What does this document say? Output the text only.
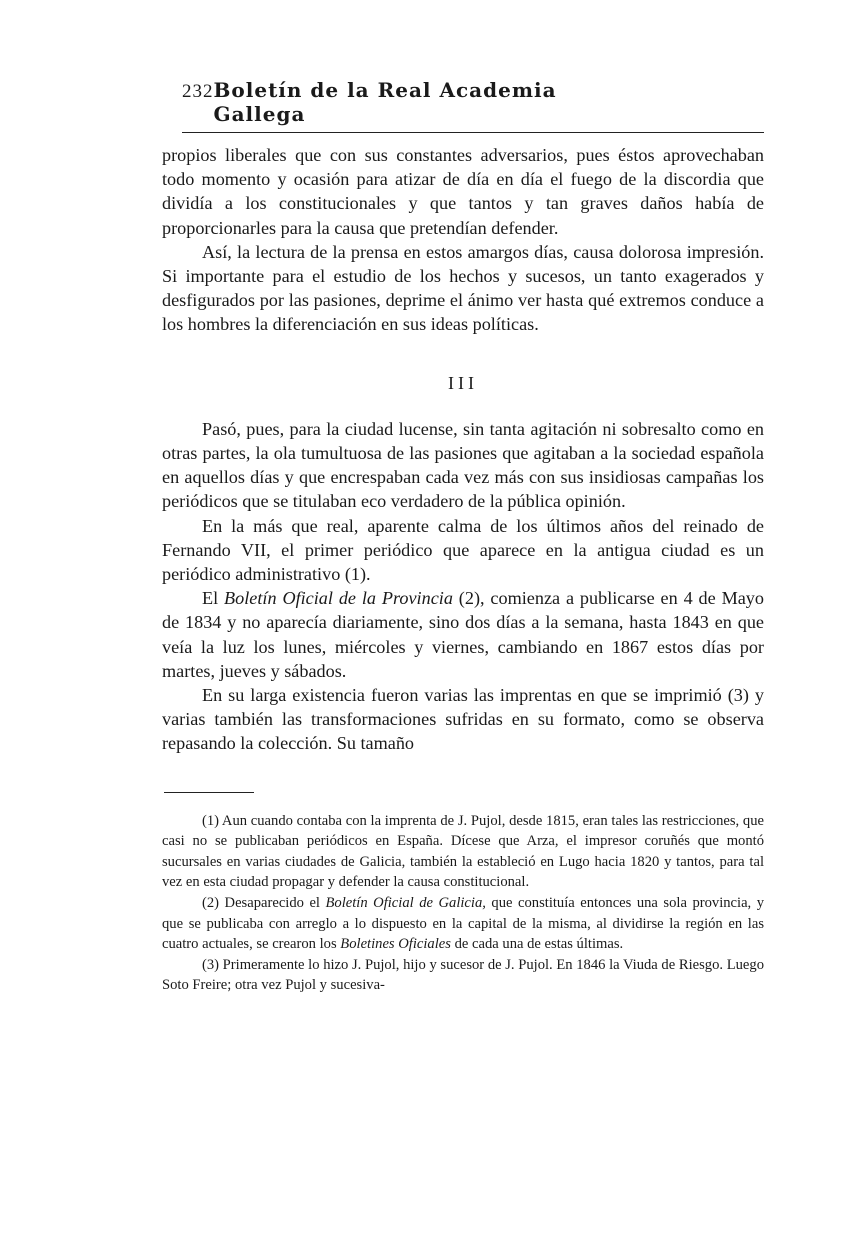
232 Boletín de la Real Academia Gallega

propios liberales que con sus constantes adversarios, pues éstos aprovechaban todo momento y ocasión para atizar de día en día el fuego de la discordia que dividía a los constitucionales y que tantos y tan graves daños había de proporcionarles para la causa que pretendían defender.

Así, la lectura de la prensa en estos amargos días, causa dolorosa impresión. Si importante para el estudio de los hechos y sucesos, un tanto exagerados y desfigurados por las pasiones, deprime el ánimo ver hasta qué extremos conduce a los hombres la diferenciación en sus ideas políticas.

III

Pasó, pues, para la ciudad lucense, sin tanta agitación ni sobresalto como en otras partes, la ola tumultuosa de las pasiones que agitaban a la sociedad española en aquellos días y que encrespaban cada vez más con sus insidiosas campañas los periódicos que se titulaban eco verdadero de la pública opinión.

En la más que real, aparente calma de los últimos años del reinado de Fernando VII, el primer periódico que aparece en la antigua ciudad es un periódico administrativo (1).

El Boletín Oficial de la Provincia (2), comienza a publicarse en 4 de Mayo de 1834 y no aparecía diariamente, sino dos días a la semana, hasta 1843 en que veía la luz los lunes, miércoles y viernes, cambiando en 1867 estos días por martes, jueves y sábados.

En su larga existencia fueron varias las imprentas en que se imprimió (3) y varias también las transformaciones sufridas en su formato, como se observa repasando la colección. Su tamaño

(1) Aun cuando contaba con la imprenta de J. Pujol, desde 1815, eran tales las restricciones, que casi no se publicaban periódicos en España. Dícese que Arza, el impresor coruñés que montó sucursales en varias ciudades de Galicia, también la estableció en Lugo hacia 1820 y tantos, para tal vez en esta ciudad propagar y defender la causa constitucional.

(2) Desaparecido el Boletín Oficial de Galicia, que constituía entonces una sola provincia, y que se publicaba con arreglo a lo dispuesto en la capital de la misma, al dividirse la región en las cuatro actuales, se crearon los Boletines Oficiales de cada una de estas últimas.

(3) Primeramente lo hizo J. Pujol, hijo y sucesor de J. Pujol. En 1846 la Viuda de Riesgo. Luego Soto Freire; otra vez Pujol y sucesiva-
